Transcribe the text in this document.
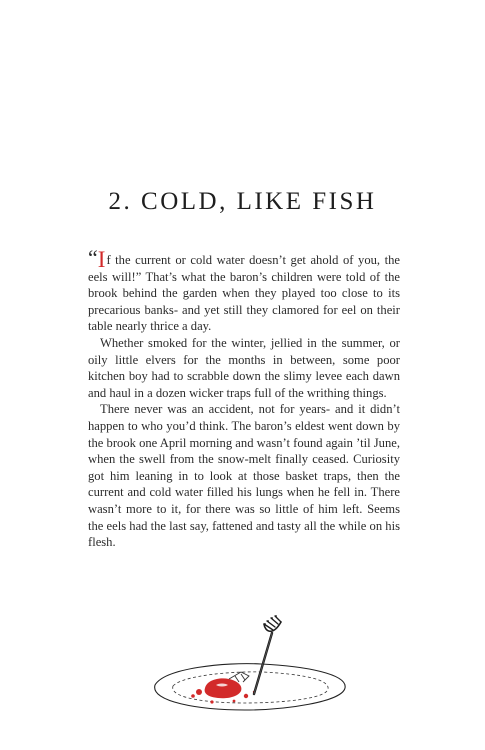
2. COLD, LIKE FISH

“If the current or cold water doesn’t get ahold of you, the eels will!” That’s what the baron’s children were told of the brook behind the garden when they played too close to its precarious banks- and yet still they clamored for eel on their table nearly thrice a day.

Whether smoked for the winter, jellied in the summer, or oily little elvers for the months in between, some poor kitchen boy had to scrabble down the slimy levee each dawn and haul in a dozen wicker traps full of the writhing things.

There never was an accident, not for years- and it didn’t happen to who you’d think. The baron’s eldest went down by the brook one April morning and wasn’t found again ’til June, when the swell from the snow-melt finally ceased. Curiosity got him leaning in to look at those basket traps, then the current and cold water filled his lungs when he fell in. There wasn’t more to it, for there was so little of him left. Seems the eels had the last say, fattened and tasty all the while on his flesh.
